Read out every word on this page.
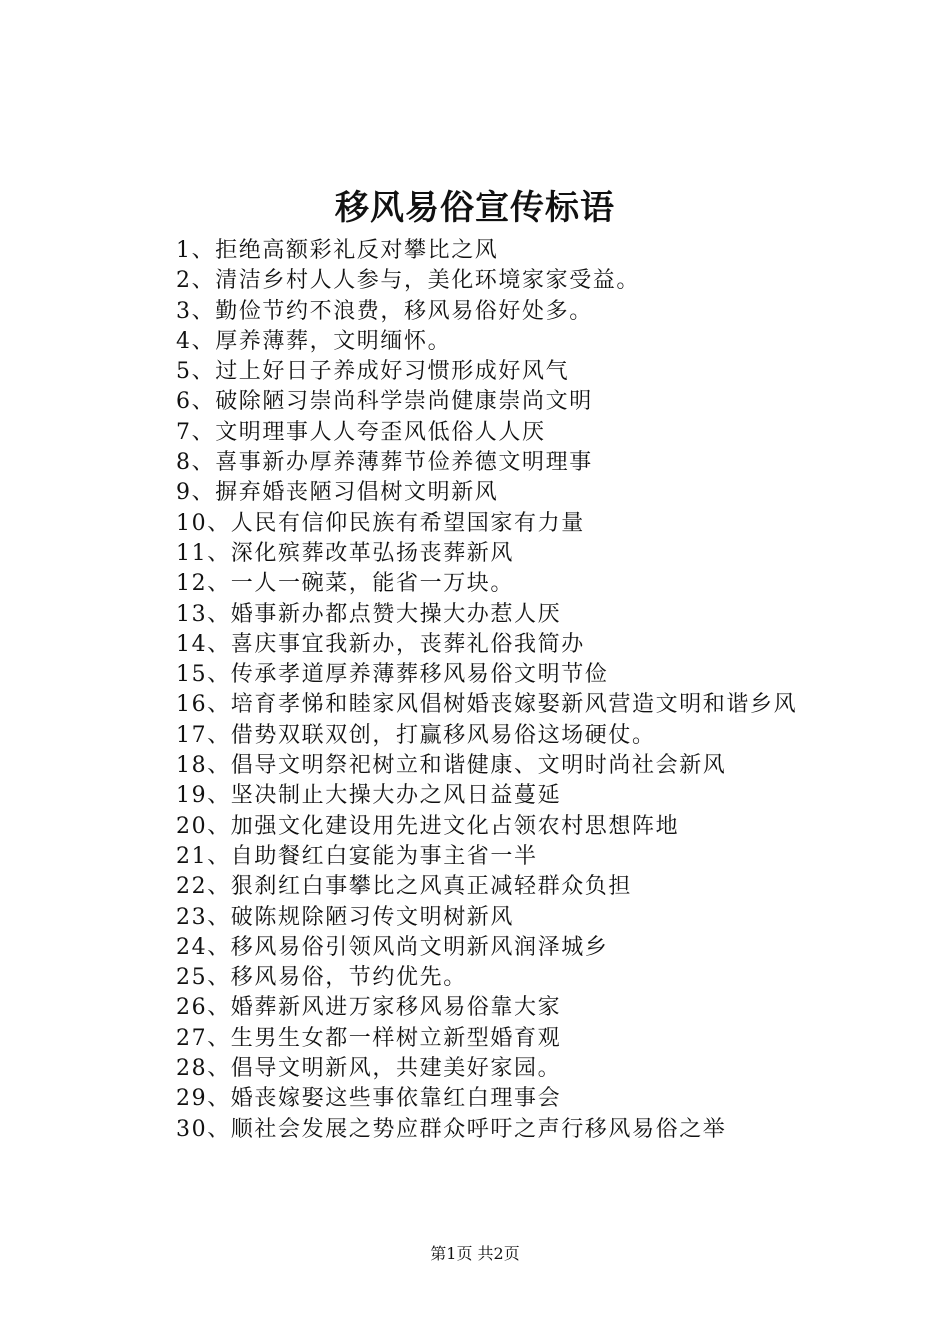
移风易俗宣传标语
1、拒绝高额彩礼反对攀比之风
2、清洁乡村人人参与，美化环境家家受益。
3、勤俭节约不浪费，移风易俗好处多。
4、厚养薄葬，文明缅怀。
5、过上好日子养成好习惯形成好风气
6、破除陋习崇尚科学崇尚健康崇尚文明
7、文明理事人人夸歪风低俗人人厌
8、喜事新办厚养薄葬节俭养德文明理事
9、摒弃婚丧陋习倡树文明新风
10、人民有信仰民族有希望国家有力量
11、深化殡葬改革弘扬丧葬新风
12、一人一碗菜，能省一万块。
13、婚事新办都点赞大操大办惹人厌
14、喜庆事宜我新办，丧葬礼俗我简办
15、传承孝道厚养薄葬移风易俗文明节俭
16、培育孝悌和睦家风倡树婚丧嫁娶新风营造文明和谐乡风
17、借势双联双创，打赢移风易俗这场硬仗。
18、倡导文明祭祀树立和谐健康、文明时尚社会新风
19、坚决制止大操大办之风日益蔓延
20、加强文化建设用先进文化占领农村思想阵地
21、自助餐红白宴能为事主省一半
22、狠刹红白事攀比之风真正减轻群众负担
23、破陈规除陋习传文明树新风
24、移风易俗引领风尚文明新风润泽城乡
25、移风易俗，节约优先。
26、婚葬新风进万家移风易俗靠大家
27、生男生女都一样树立新型婚育观
28、倡导文明新风，共建美好家园。
29、婚丧嫁娶这些事依靠红白理事会
30、顺社会发展之势应群众呼吁之声行移风易俗之举
第1页 共2页
